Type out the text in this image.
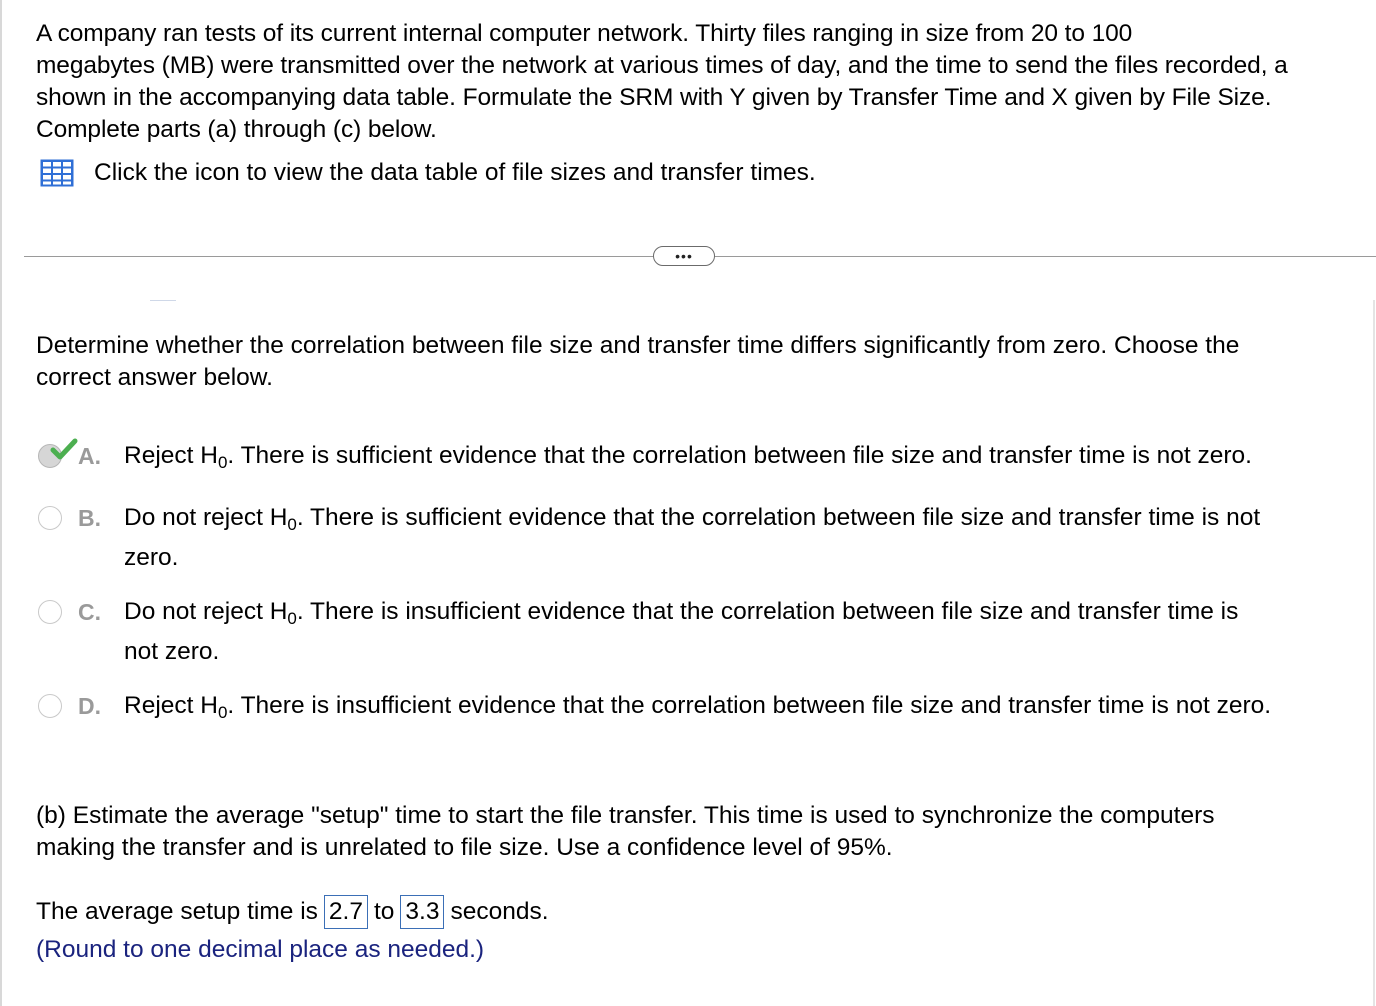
A company ran tests of its current internal computer network. Thirty files ranging in size from 20 to 100
megabytes (MB) were transmitted over the network at various times of day, and the time to send the files recorded, a
shown in the accompanying data table. Formulate the SRM with Y given by Transfer Time and X given by File Size.
Complete parts (a) through (c) below.
Click the icon to view the data table of file sizes and transfer times.
•••
Determine whether the correlation between file size and transfer time differs significantly from zero. Choose the
correct answer below.
A. Reject $H_0$. There is sufficient evidence that the correlation between file size and transfer time is not zero.
B. Do not reject $H_0$. There is sufficient evidence that the correlation between file size and transfer time is not
zero.
C. Do not reject $H_0$. There is insufficient evidence that the correlation between file size and transfer time is
not zero.
D. Reject $H_0$. There is insufficient evidence that the correlation between file size and transfer time is not zero.
(b) Estimate the average "setup" time to start the file transfer. This time is used to synchronize the computers
making the transfer and is unrelated to file size. Use a confidence level of 95%.
The average setup time is 2.7 to 3.3 seconds.
(Round to one decimal place as needed.)
